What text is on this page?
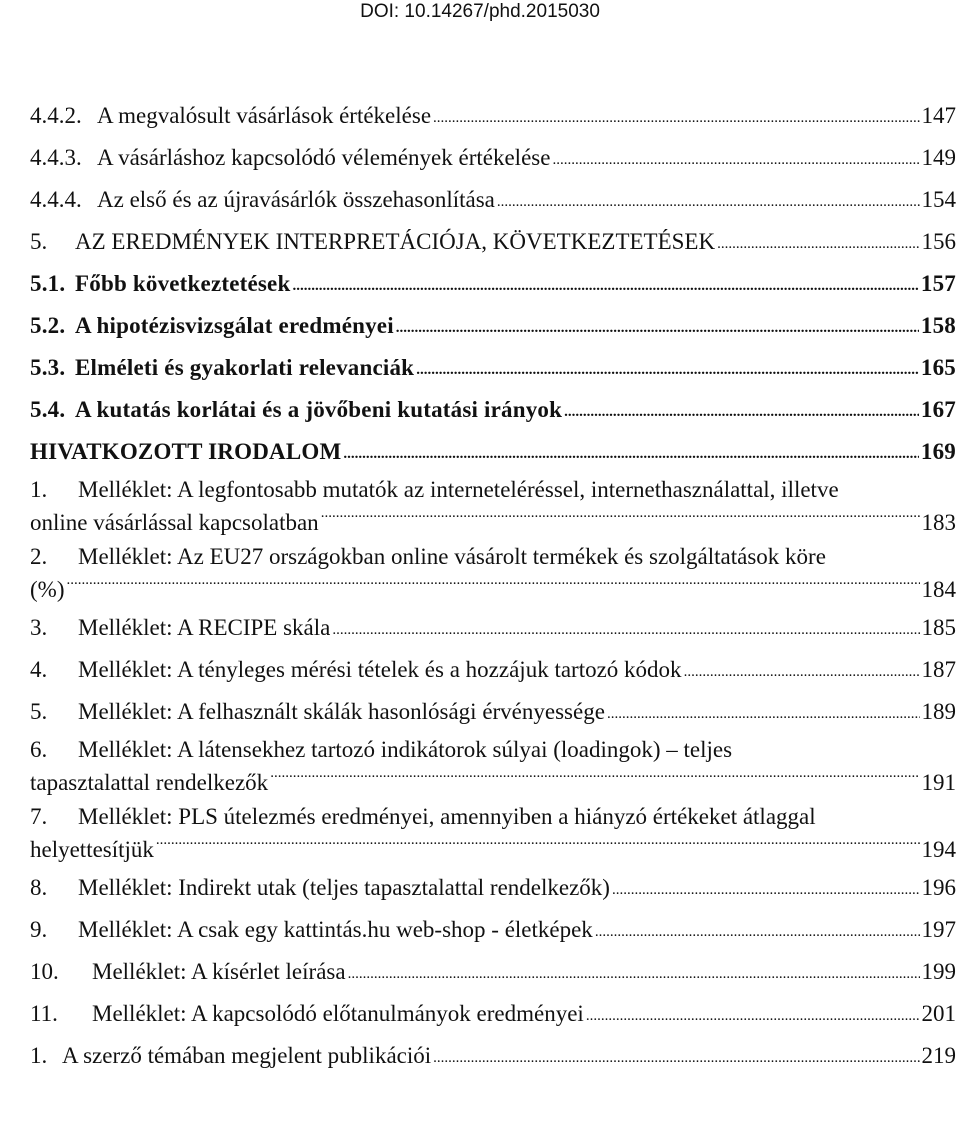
DOI: 10.14267/phd.2015030
4.4.2. A megvalósult vásárlások értékelése .....	147
4.4.3. A vásárláshoz kapcsolódó vélemények értékelése .....	149
4.4.4. Az első és az újravásárlók összehasonlítása .....	154
5.	AZ EREDMÉNYEK INTERPRETÁCIÓJA, KÖVETKEZTETÉSEK .....	156
5.1. Főbb következtetések .....	157
5.2. A hipotézisvizsgálat eredményei .....	158
5.3. Elméleti és gyakorlati relevanciák .....	165
5.4. A kutatás korlátai és a jövőbeni kutatási irányok .....	167
HIVATKOZOTT IRODALOM .....	169
1.	Melléklet: A legfontosabb mutatók az interneteléréssel, internethasználattal, illetve
online vásárlással kapcsolatban .....	183
2.	Melléklet: Az EU27 országokban online vásárolt termékek és szolgáltatások köre
(%) .....	184
3.	Melléklet: A RECIPE skála .....	185
4.	Melléklet: A tényleges mérési tételek és a hozzájuk tartozó kódok .....	187
5.	Melléklet: A felhasznált skálák hasonlósági érvényessége .....	189
6.	Melléklet: A látensekhez tartozó indikátorok súlyai (loadingok) – teljes
tapasztalattal rendelkezők .....	191
7.	Melléklet: PLS útelezmés eredményei, amennyiben a hiányzó értékeket átlaggal
helyettesítjük .....	194
8.	Melléklet: Indirekt utak (teljes tapasztalattal rendelkezők) .....	196
9.	Melléklet: A csak egy kattintás.hu web-shop - életképek .....	197
10.	Melléklet: A kísérlet leírása .....	199
11.	Melléklet: A kapcsolódó előtanulmányok eredményei .....	201
1. A szerző témában megjelent publikációi .....	219
